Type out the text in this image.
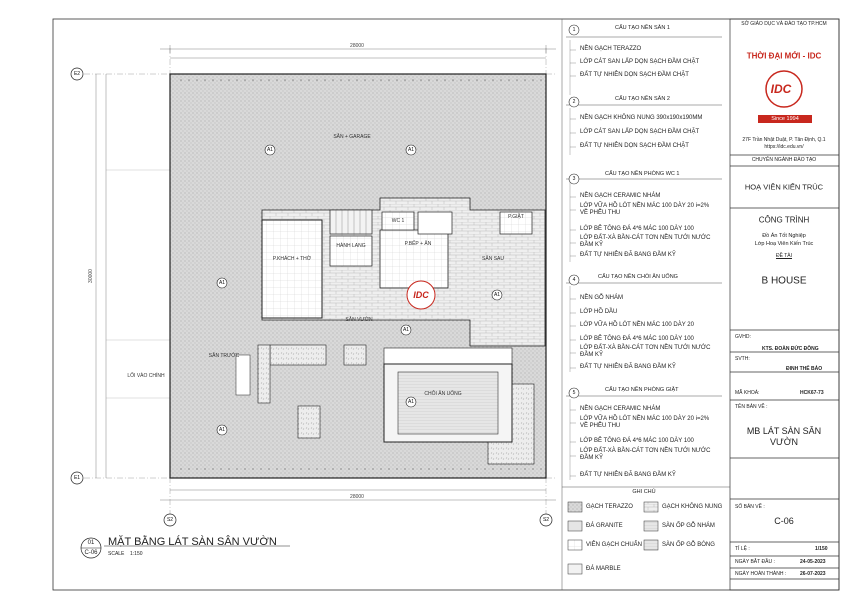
28000
28000
30000
E2
E1
S2	S2
A1	A1
A1
A1
A1
A1
A1
SÂN + GARAGE
P.KHÁCH + THỜ
HÀNH LANG	P.BẾP + ĂN
WC 1
SÂN SAU
P.GIẶT
SÂN VƯỜN
SÂN TRƯỚC
LỐI VÀO CHÍNH
CHỖI ĂN UỐNG
IDC
01
C-06
MẶT BẰNG LÁT SÀN SÂN VƯỜN
SCALE 1:150
1
2
3
4
5
CẤU TẠO NỀN SÂN 1
CẤU TẠO NỀN SÂN 2
CẤU TẠO NỀN PHÒNG WC 1
CẤU TẠO NỀN CHÒI ĂN UỐNG
CẤU TẠO NỀN PHÒNG GIẶT
NỀN GẠCH TERAZZO
LỚP CÁT SAN LẤP DỌN SẠCH ĐẦM CHẶT
ĐẤT TỰ NHIÊN DỌN SẠCH ĐẦM CHẶT
NỀN GẠCH KHÔNG NUNG 390x190x190MM
LỚP CÁT SAN LẤP DỌN SẠCH ĐẦM CHẶT
ĐẤT TỰ NHIÊN DỌN SẠCH ĐẦM CHẶT
NỀN GẠCH CERAMIC NHÁM
LỚP VỮA HỒ LÓT NỀN MÁC 100 DÀY 20 i=2% VỀ PHỄU THU
LỚP BÊ TÔNG ĐÁ 4*6 MÁC 100 DÀY 100
LỚP ĐẤT-XÀ BẦN-CÁT TƠN NỀN TƯỚI NƯỚC ĐẦM KỸ
ĐẤT TỰ NHIÊN ĐÃ BANG ĐẦM KỸ
NỀN GỖ NHÁM
LỚP HỒ DẦU
LỚP VỮA HỒ LÓT NỀN MÁC 100 DÀY 20
LỚP BÊ TÔNG ĐÁ 4*6 MÁC 100 DÀY 100
LỚP ĐẤT-XÀ BẦN-CÁT TƠN NỀN TƯỚI NƯỚC ĐẦM KỸ
ĐẤT TỰ NHIÊN ĐÃ BANG ĐẦM KỸ
NỀN GẠCH CERAMIC NHÁM
LỚP VỮA HỒ LÓT NỀN MÁC 100 DÀY 20 i=2% VỀ PHỄU THU
LỚP BÊ TÔNG ĐÁ 4*6 MÁC 100 DÀY 100
LỚP ĐẤT-XÀ BẦN-CÁT TƠN NỀN TƯỚI NƯỚC ĐẦM KỸ
ĐẤT TỰ NHIÊN ĐÃ BANG ĐẦM KỸ
GHI CHÚ
GẠCH TERAZZO	GẠCH KHÔNG NUNG
ĐÁ GRANITE	SÀN ỐP GỖ NHÁM
VIÊN GẠCH CHUẨN	SÀN ỐP GỖ BÓNG
ĐÁ MARBLE
SỞ GIÁO DỤC VÀ ĐÀO TẠO TP.HCM
THỜI ĐẠI MỚI - IDC
IDC
Since 1994
27F Trần Nhật Duật, P. Tân Định, Q.1
https://idc.edu.vn/
CHUYÊN NGÀNH ĐÀO TẠO
HOẠ VIÊN KIẾN TRÚC
CÔNG TRÌNH
Đồ Án Tốt Nghiệp
Lớp Hoạ Viên Kiến Trúc
ĐỀ TÀI
B HOUSE
GVHD:
KTS. ĐOÀN ĐỨC ĐÔNG
SVTH:
ĐINH THẾ BẢO
MÃ KHOÁ:	HCK67-73
TÊN BẢN VẼ :
MB LÁT SÀN SÂN VƯỜN
SỐ BẢN VẼ :
C-06
TỈ LỆ :	1/150
NGÀY BẮT ĐẦU :	24-05-2023
NGÀY HOÀN THÀNH :	26-07-2023
